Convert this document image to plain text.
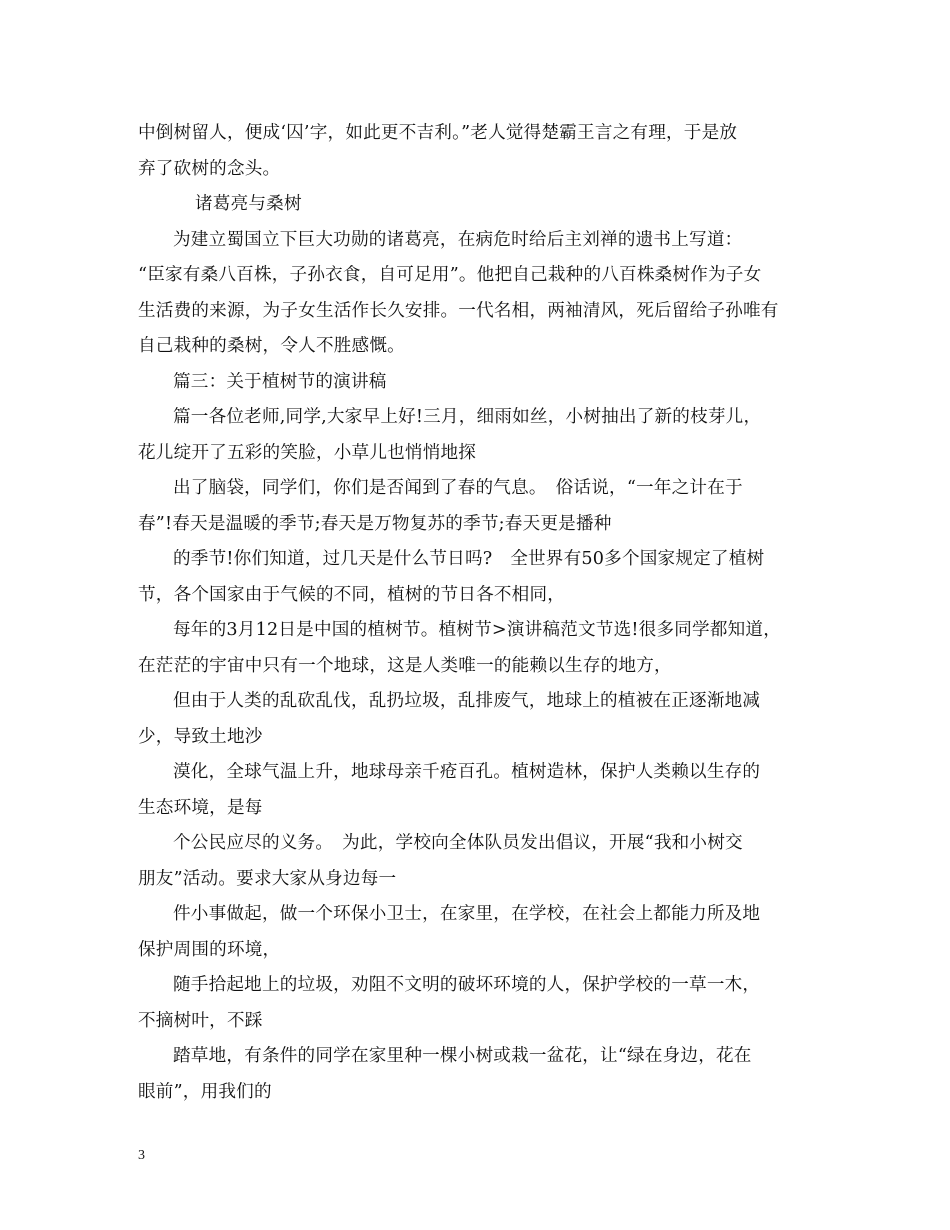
中倒树留人，便成‘囚’字，如此更不吉利。”老人觉得楚霸王言之有理，于是放
弃了砍树的念头。
诸葛亮与桑树
为建立蜀国立下巨大功勋的诸葛亮，在病危时给后主刘禅的遗书上写道：
“臣家有桑八百株，子孙衣食，自可足用”。他把自己栽种的八百株桑树作为子女
生活费的来源，为子女生活作长久安排。一代名相，两袖清风，死后留给子孙唯有
自己栽种的桑树，令人不胜感慨。
篇三：关于植树节的演讲稿
篇一各位老师,同学,大家早上好!三月，细雨如丝，小树抽出了新的枝芽儿，
花儿绽开了五彩的笑脸，小草儿也悄悄地探
出了脑袋，同学们，你们是否闻到了春的气息。　俗话说，“一年之计在于
春”!春天是温暖的季节;春天是万物复苏的季节;春天更是播种
的季节!你们知道，过几天是什么节日吗?　全世界有50多个国家规定了植树
节，各个国家由于气候的不同，植树的节日各不相同，
每年的3月12日是中国的植树节。植树节>演讲稿范文节选!很多同学都知道，
在茫茫的宇宙中只有一个地球，这是人类唯一的能赖以生存的地方，
但由于人类的乱砍乱伐，乱扔垃圾，乱排废气，地球上的植被在正逐渐地减
少，导致土地沙
漠化，全球气温上升，地球母亲千疮百孔。植树造林，保护人类赖以生存的
生态环境，是每
个公民应尽的义务。　为此，学校向全体队员发出倡议，开展“我和小树交
朋友”活动。要求大家从身边每一
件小事做起，做一个环保小卫士，在家里，在学校，在社会上都能力所及地
保护周围的环境，
随手拾起地上的垃圾，劝阻不文明的破坏环境的人，保护学校的一草一木，
不摘树叶，不踩
踏草地，有条件的同学在家里种一棵小树或栽一盆花，让“绿在身边，花在
眼前”，用我们的
3
